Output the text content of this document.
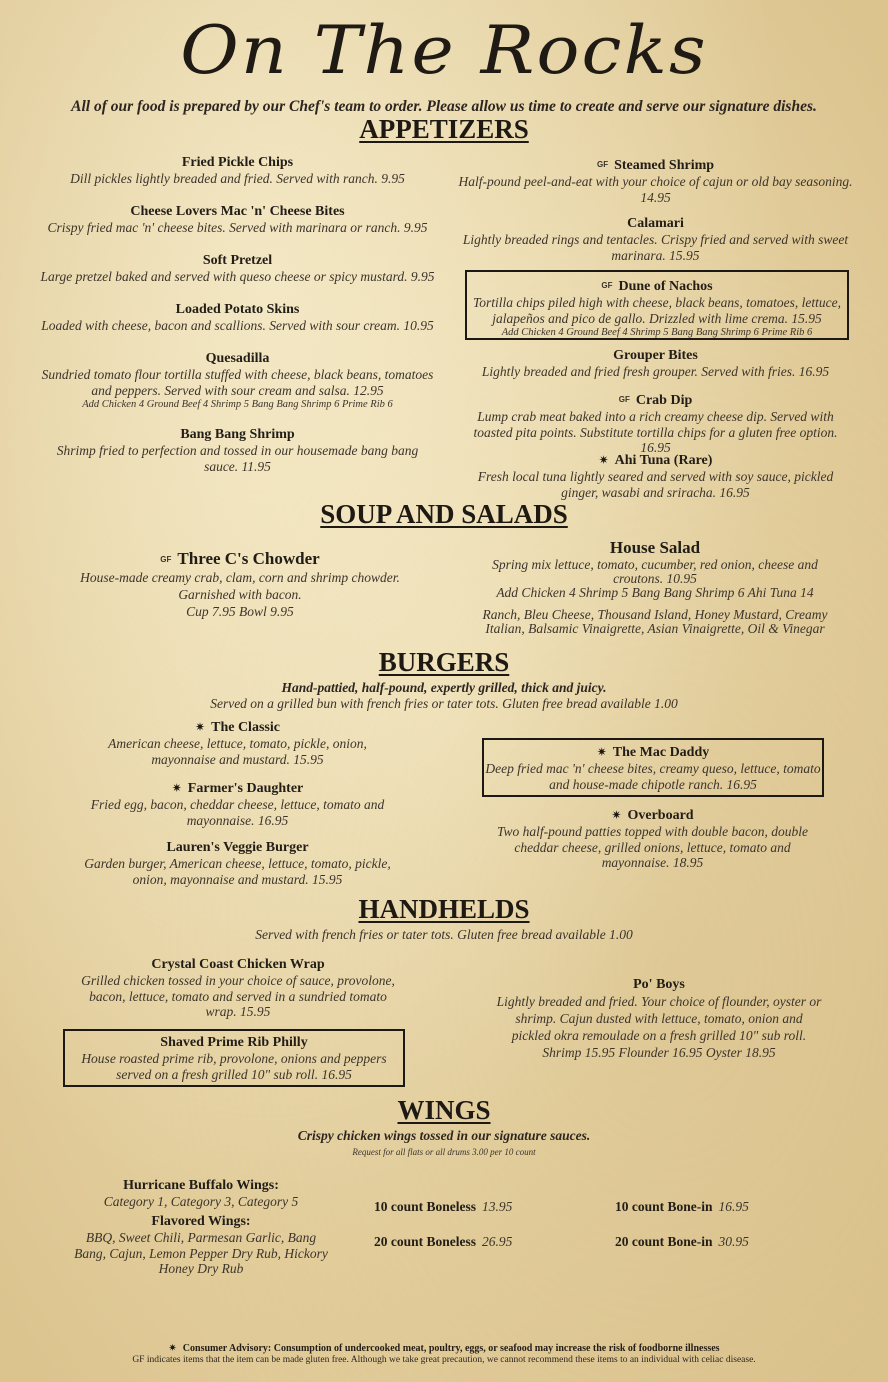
On The Rocks
All of our food is prepared by our Chef's team to order. Please allow us time to create and serve our signature dishes.
APPETIZERS
Fried Pickle Chips
Dill pickles lightly breaded and fried. Served with ranch. 9.95
Cheese Lovers Mac 'n' Cheese Bites
Crispy fried mac 'n' cheese bites. Served with marinara or ranch. 9.95
Soft Pretzel
Large pretzel baked and served with queso cheese or spicy mustard. 9.95
Loaded Potato Skins
Loaded with cheese, bacon and scallions. Served with sour cream. 10.95
Quesadilla
Sundried tomato flour tortilla stuffed with cheese, black beans, tomatoes and peppers. Served with sour cream and salsa. 12.95
Add Chicken 4 Ground Beef 4 Shrimp 5 Bang Bang Shrimp 6 Prime Rib 6
Bang Bang Shrimp
Shrimp fried to perfection and tossed in our housemade bang bang sauce. 11.95
GF Steamed Shrimp
Half-pound peel-and-eat with your choice of cajun or old bay seasoning. 14.95
Calamari
Lightly breaded rings and tentacles. Crispy fried and served with sweet marinara. 15.95
GF Dune of Nachos
Tortilla chips piled high with cheese, black beans, tomatoes, lettuce, jalapeños and pico de gallo. Drizzled with lime crema. 15.95
Add Chicken 4 Ground Beef 4 Shrimp 5 Bang Bang Shrimp 6 Prime Rib 6
Grouper Bites
Lightly breaded and fried fresh grouper. Served with fries. 16.95
GF Crab Dip
Lump crab meat baked into a rich creamy cheese dip. Served with toasted pita points. Substitute tortilla chips for a gluten free option. 16.95
✷ Ahi Tuna (Rare)
Fresh local tuna lightly seared and served with soy sauce, pickled ginger, wasabi and sriracha. 16.95
SOUP AND SALADS
GF Three C's Chowder
House-made creamy crab, clam, corn and shrimp chowder. Garnished with bacon.
Cup 7.95 Bowl 9.95
House Salad
Spring mix lettuce, tomato, cucumber, red onion, cheese and croutons. 10.95
Add Chicken 4 Shrimp 5 Bang Bang Shrimp 6 Ahi Tuna 14
Ranch, Bleu Cheese, Thousand Island, Honey Mustard, Creamy Italian, Balsamic Vinaigrette, Asian Vinaigrette, Oil & Vinegar
BURGERS
Hand-pattied, half-pound, expertly grilled, thick and juicy.
Served on a grilled bun with french fries or tater tots. Gluten free bread available 1.00
✷ The Classic
American cheese, lettuce, tomato, pickle, onion, mayonnaise and mustard. 15.95
✷ Farmer's Daughter
Fried egg, bacon, cheddar cheese, lettuce, tomato and mayonnaise. 16.95
Lauren's Veggie Burger
Garden burger, American cheese, lettuce, tomato, pickle, onion, mayonnaise and mustard. 15.95
✷ The Mac Daddy
Deep fried mac 'n' cheese bites, creamy queso, lettuce, tomato and house-made chipotle ranch. 16.95
✷ Overboard
Two half-pound patties topped with double bacon, double cheddar cheese, grilled onions, lettuce, tomato and mayonnaise. 18.95
HANDHELDS
Served with french fries or tater tots. Gluten free bread available 1.00
Crystal Coast Chicken Wrap
Grilled chicken tossed in your choice of sauce, provolone, bacon, lettuce, tomato and served in a sundried tomato wrap. 15.95
Shaved Prime Rib Philly
House roasted prime rib, provolone, onions and peppers served on a fresh grilled 10" sub roll. 16.95
Po' Boys
Lightly breaded and fried. Your choice of flounder, oyster or shrimp. Cajun dusted with lettuce, tomato, onion and pickled okra remoulade on a fresh grilled 10" sub roll.
Shrimp 15.95 Flounder 16.95 Oyster 18.95
WINGS
Crispy chicken wings tossed in our signature sauces.
Request for all flats or all drums 3.00 per 10 count
Hurricane Buffalo Wings:
Category 1, Category 3, Category 5
Flavored Wings:
BBQ, Sweet Chili, Parmesan Garlic, Bang Bang, Cajun, Lemon Pepper Dry Rub, Hickory Honey Dry Rub
10 count Boneless 13.95
20 count Boneless 26.95
10 count Bone-in 16.95
20 count Bone-in 30.95
✷ Consumer Advisory: Consumption of undercooked meat, poultry, eggs, or seafood may increase the risk of foodborne illnesses
GF indicates items that the item can be made gluten free. Although we take great precaution, we cannot recommend these items to an individual with celiac disease.
